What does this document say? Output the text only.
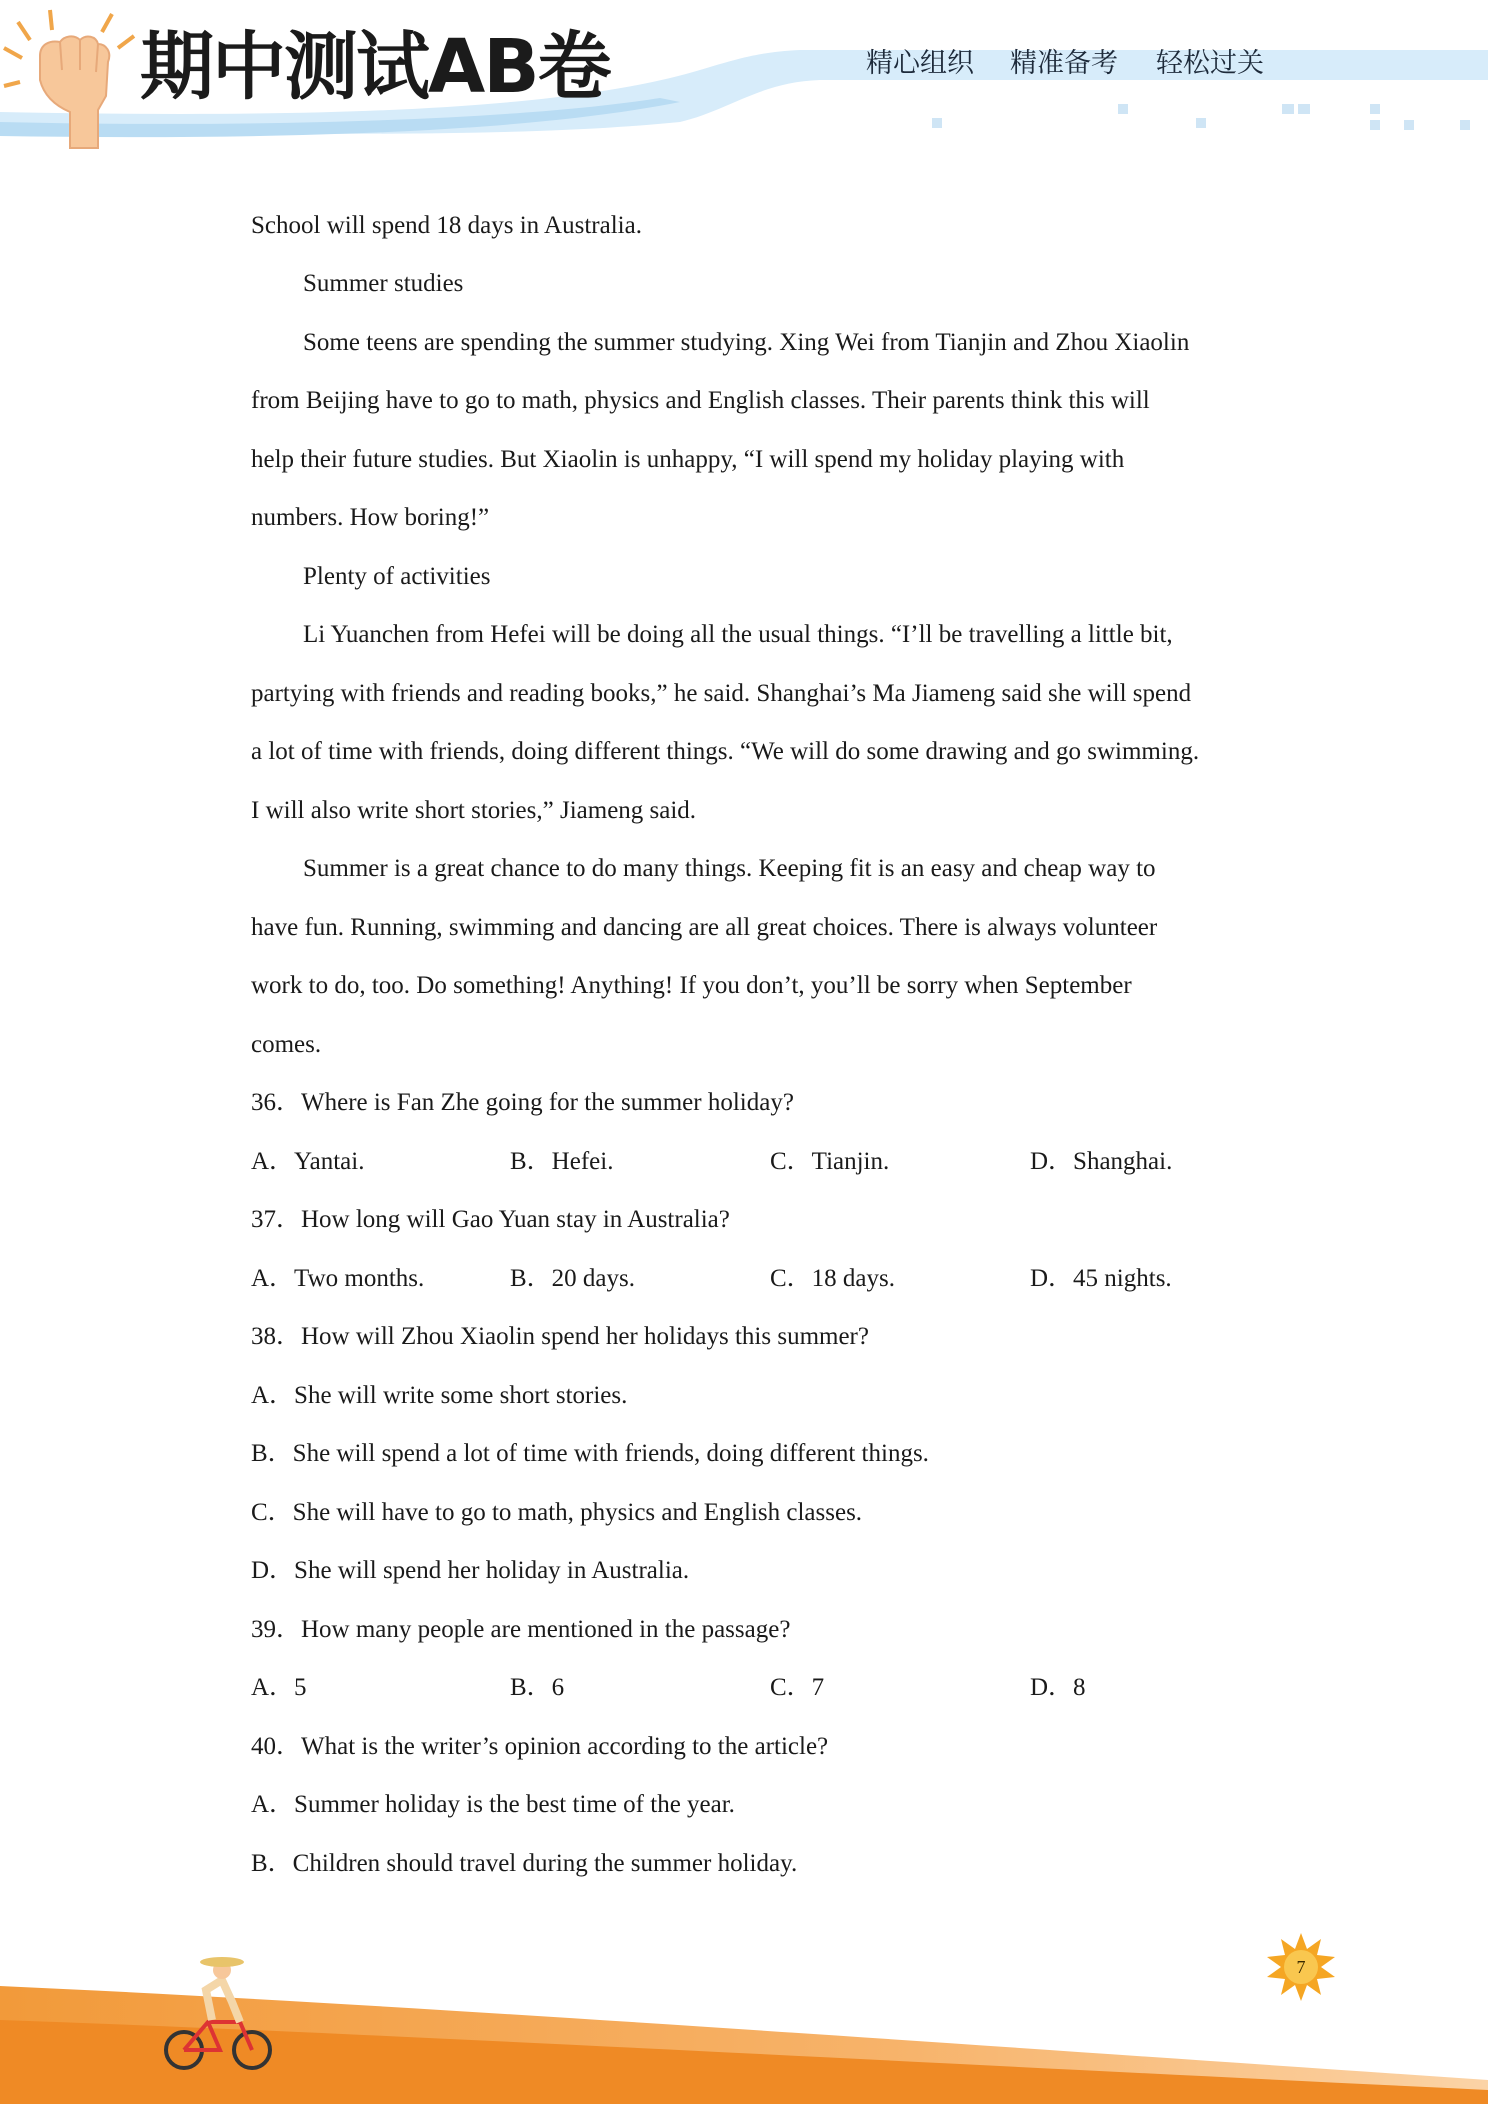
期中测试AB卷	精心组织 精准备考 轻松过关
School will spend 18 days in Australia.
Summer studies
Some teens are spending the summer studying. Xing Wei from Tianjin and Zhou Xiaolin
from Beijing have to go to math, physics and English classes. Their parents think this will
help their future studies. But Xiaolin is unhappy, “I will spend my holiday playing with
numbers. How boring!”
Plenty of activities
Li Yuanchen from Hefei will be doing all the usual things. “I’ll be travelling a little bit,
partying with friends and reading books,” he said. Shanghai’s Ma Jiameng said she will spend
a lot of time with friends, doing different things. “We will do some drawing and go swimming.
I will also write short stories,” Jiameng said.
Summer is a great chance to do many things. Keeping fit is an easy and cheap way to
have fun. Running, swimming and dancing are all great choices. There is always volunteer
work to do, too. Do something! Anything! If you don’t, you’ll be sorry when September
comes.
36．Where is Fan Zhe going for the summer holiday?
A．Yantai.	B．Hefei.	C．Tianjin.	D．Shanghai.
37．How long will Gao Yuan stay in Australia?
A．Two months.	B．20 days.	C．18 days.	D．45 nights.
38．How will Zhou Xiaolin spend her holidays this summer?
A．She will write some short stories.
B．She will spend a lot of time with friends, doing different things.
C．She will have to go to math, physics and English classes.
D．She will spend her holiday in Australia.
39．How many people are mentioned in the passage?
A．5	B．6	C．7	D．8
40．What is the writer’s opinion according to the article?
A．Summer holiday is the best time of the year.
B．Children should travel during the summer holiday.
7
